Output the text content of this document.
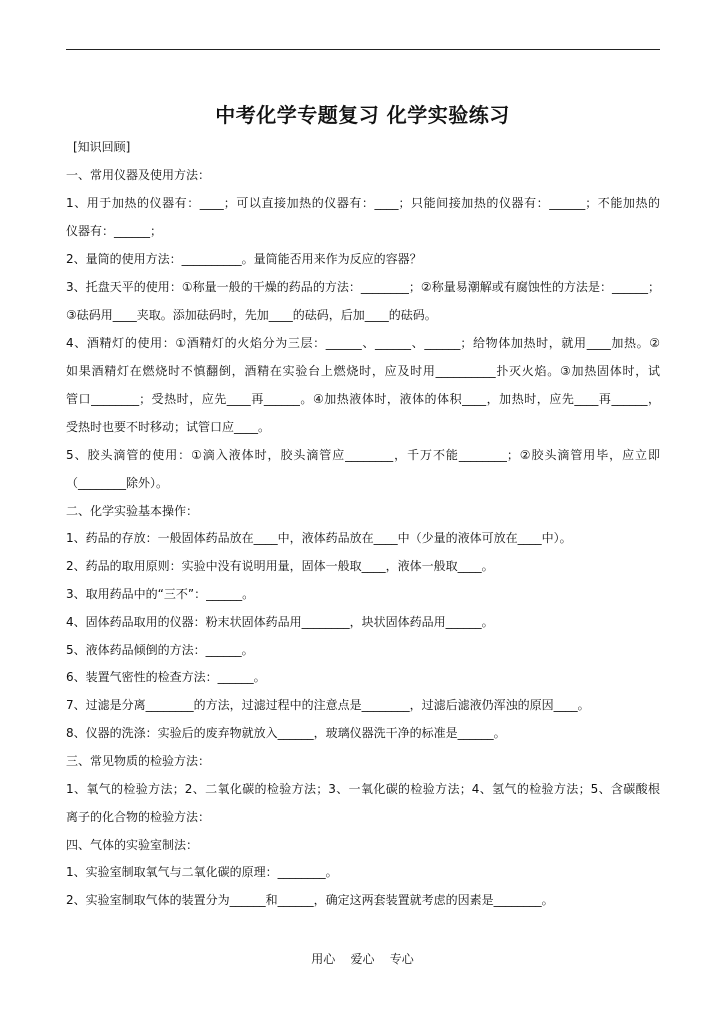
中考化学专题复习 化学实验练习
[知识回顾]
一、常用仪器及使用方法：
1、用于加热的仪器有：____；可以直接加热的仪器有：____；只能间接加热的仪器有：______；不能加热的
仪器有：______；
2、量筒的使用方法：__________。量筒能否用来作为反应的容器？
3、托盘天平的使用：①称量一般的干燥的药品的方法：________；②称量易潮解或有腐蚀性的方法是：______；
③砝码用____夹取。添加砝码时，先加____的砝码，后加____的砝码。
4、酒精灯的使用：①酒精灯的火焰分为三层：______、______、______；给物体加热时，就用____加热。②
如果酒精灯在燃烧时不慎翻倒，酒精在实验台上燃烧时，应及时用__________扑灭火焰。③加热固体时，试
管口________；受热时，应先____再______。④加热液体时，液体的体积____，加热时，应先____再______，
受热时也要不时移动；试管口应____。
5、胶头滴管的使用：①滴入液体时，胶头滴管应________，千万不能________；②胶头滴管用毕，应立即
（________除外）。
二、化学实验基本操作：
1、药品的存放：一般固体药品放在____中，液体药品放在____中（少量的液体可放在____中）。
2、药品的取用原则：实验中没有说明用量，固体一般取____，液体一般取____。
3、取用药品中的“三不”：______。
4、固体药品取用的仪器：粉末状固体药品用________，块状固体药品用______。
5、液体药品倾倒的方法：______。
6、装置气密性的检查方法：______。
7、过滤是分离________的方法，过滤过程中的注意点是________，过滤后滤液仍浑浊的原因____。
8、仪器的洗涤：实验后的废弃物就放入______，玻璃仪器洗干净的标准是______。
三、常见物质的检验方法：
1、氧气的检验方法；2、二氧化碳的检验方法；3、一氧化碳的检验方法；4、氢气的检验方法；5、含碳酸根
离子的化合物的检验方法：
四、气体的实验室制法：
1、实验室制取氧气与二氧化碳的原理：________。
2、实验室制取气体的装置分为______和______，确定这两套装置就考虑的因素是________。
用心    爱心    专心
